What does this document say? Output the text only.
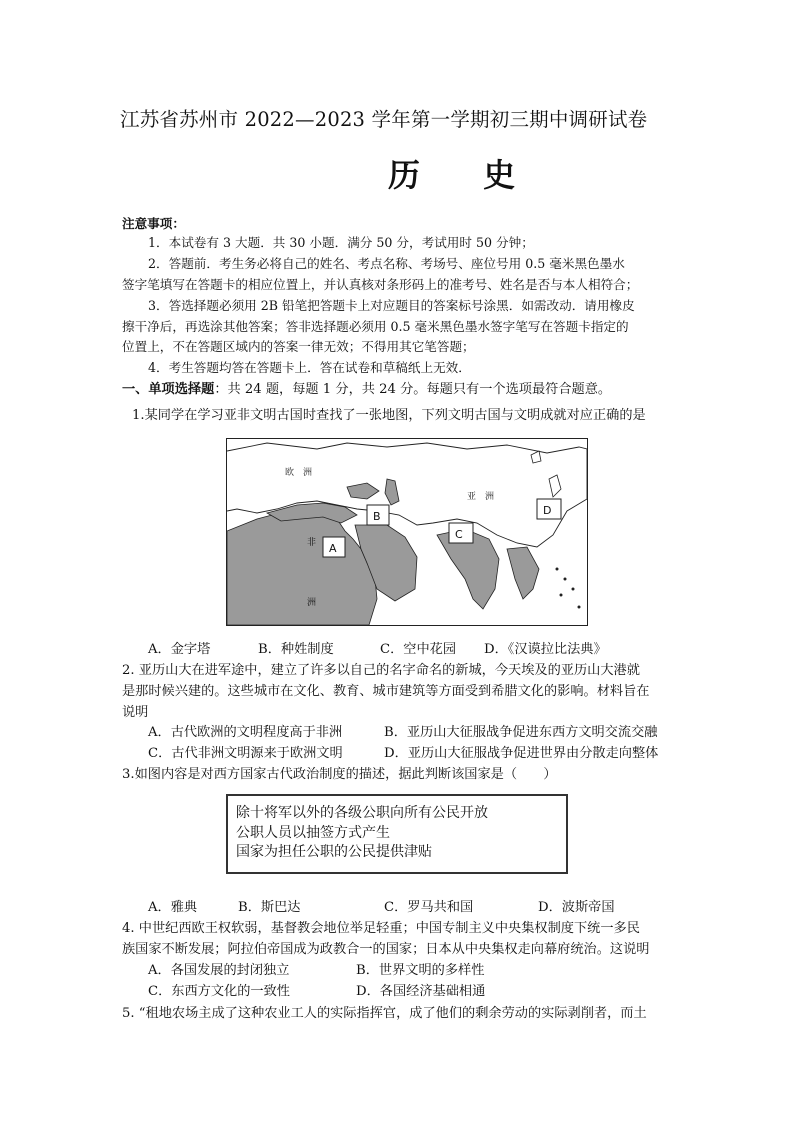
江苏省苏州市 2022—2023 学年第一学期初三期中调研试卷
历 史
注意事项：
1．本试卷有 3 大题．共 30 小题．满分 50 分，考试用时 50 分钟；
2．答题前．考生务必将自己的姓名、考点名称、考场号、座位号用 0.5 毫米黑色墨水
签字笔填写在答题卡的相应位置上，并认真核对条形码上的准考号、姓名是否与本人相符合；
3．答选择题必须用 2B 铅笔把答题卡上对应题目的答案标号涂黑．如需改动．请用橡皮
擦干净后，再选涂其他答案；答非选择题必须用 0.5 毫米黑色墨水签字笔写在答题卡指定的
位置上，不在答题区域内的答案一律无效；不得用其它笔答题；
4．考生答题均答在答题卡上．答在试卷和草稿纸上无效．
一、单项选择题：共 24 题，每题 1 分，共 24 分。每题只有一个选项最符合题意。
1.某同学在学习亚非文明古国时查找了一张地图，下列文明古国与文明成就对应正确的是
欧　洲
亚　洲
非
洲
A
B
C
D
A．金字塔	B．种姓制度	C．空中花园 D．《汉谟拉比法典》
2. 亚历山大在进军途中，建立了许多以自己的名字命名的新城，今天埃及的亚历山大港就
是那时候兴建的。这些城市在文化、教育、城市建筑等方面受到希腊文化的影响。材料旨在
说明
A．古代欧洲的文明程度高于非洲	B．亚历山大征服战争促进东西方文明交流交融
C．古代非洲文明源来于欧洲文明	D．亚历山大征服战争促进世界由分散走向整体
3.如图内容是对西方国家古代政治制度的描述，据此判断该国家是（　　）
除十将军以外的各级公职向所有公民开放
公职人员以抽签方式产生
国家为担任公职的公民提供津贴
A．雅典	B．斯巴达	C．罗马共和国	D．波斯帝国
4. 中世纪西欧王权软弱，基督教会地位举足轻重；中国专制主义中央集权制度下统一多民
族国家不断发展；阿拉伯帝国成为政教合一的国家；日本从中央集权走向幕府统治。这说明
A．各国发展的封闭独立	B．世界文明的多样性
C．东西方文化的一致性	D．各国经济基础相通
5. “租地农场主成了这种农业工人的实际指挥官，成了他们的剩余劳动的实际剥削者，而土
